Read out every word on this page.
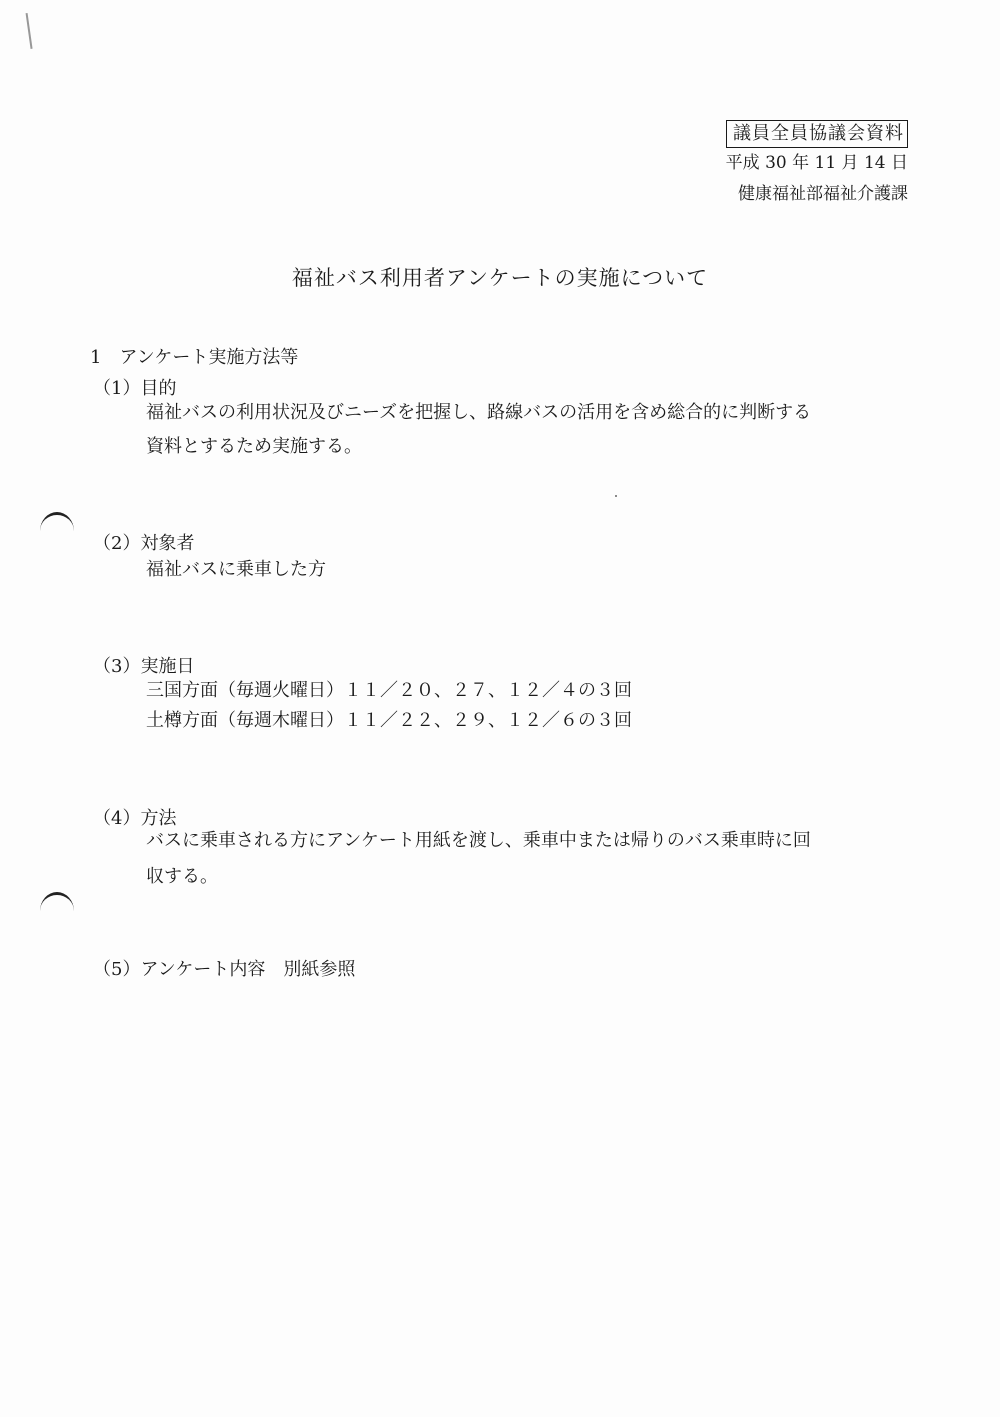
議員全員協議会資料
平成 30 年 11 月 14 日
健康福祉部福祉介護課
福祉バス利用者アンケートの実施について
1　アンケート実施方法等
（1）目的
福祉バスの利用状況及びニーズを把握し、路線バスの活用を含め総合的に判断する
資料とするため実施する。
（2）対象者
福祉バスに乗車した方
（3）実施日
三国方面（毎週火曜日）１１／２０、２７、１２／４の３回
土樽方面（毎週木曜日）１１／２２、２９、１２／６の３回
（4）方法
バスに乗車される方にアンケート用紙を渡し、乗車中または帰りのバス乗車時に回
収する。
（5）アンケート内容　別紙参照
